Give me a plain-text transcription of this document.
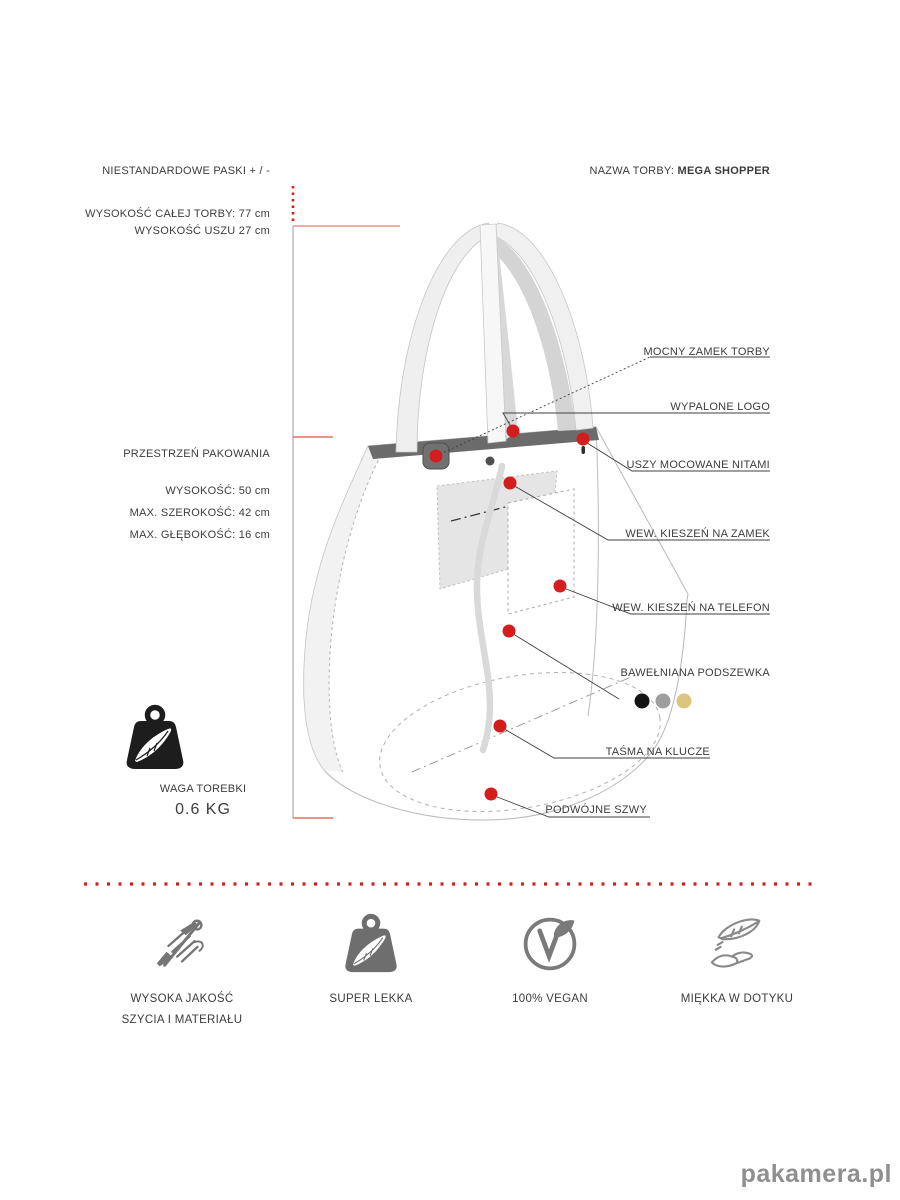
NIESTANDARDOWE PASKI + / -	NAZWA TORBY: MEGA SHOPPER
WYSOKOŚĆ CAŁEJ TORBY: 77 cm
WYSOKOŚĆ USZU 27 cm
PRZESTRZEŃ PAKOWANIA
WYSOKOŚĆ: 50 cm
MAX. SZEROKOŚĆ: 42 cm
MAX. GŁĘBOKOŚĆ: 16 cm
MOCNY ZAMEK TORBY
WYPALONE LOGO
USZY MOCOWANE NITAMI
WEW. KIESZEŃ NA ZAMEK
WEW. KIESZEŃ NA TELEFON
BAWEŁNIANA PODSZEWKA
TAŚMA NA KLUCZE
PODWÓJNE SZWY
WAGA TOREBKI
0.6 KG
WYSOKA JAKOŚĆ
SZYCIA I MATERIAŁU
SUPER LEKKA	100% VEGAN	MIĘKKA W DOTYKU
pakamera.pl
